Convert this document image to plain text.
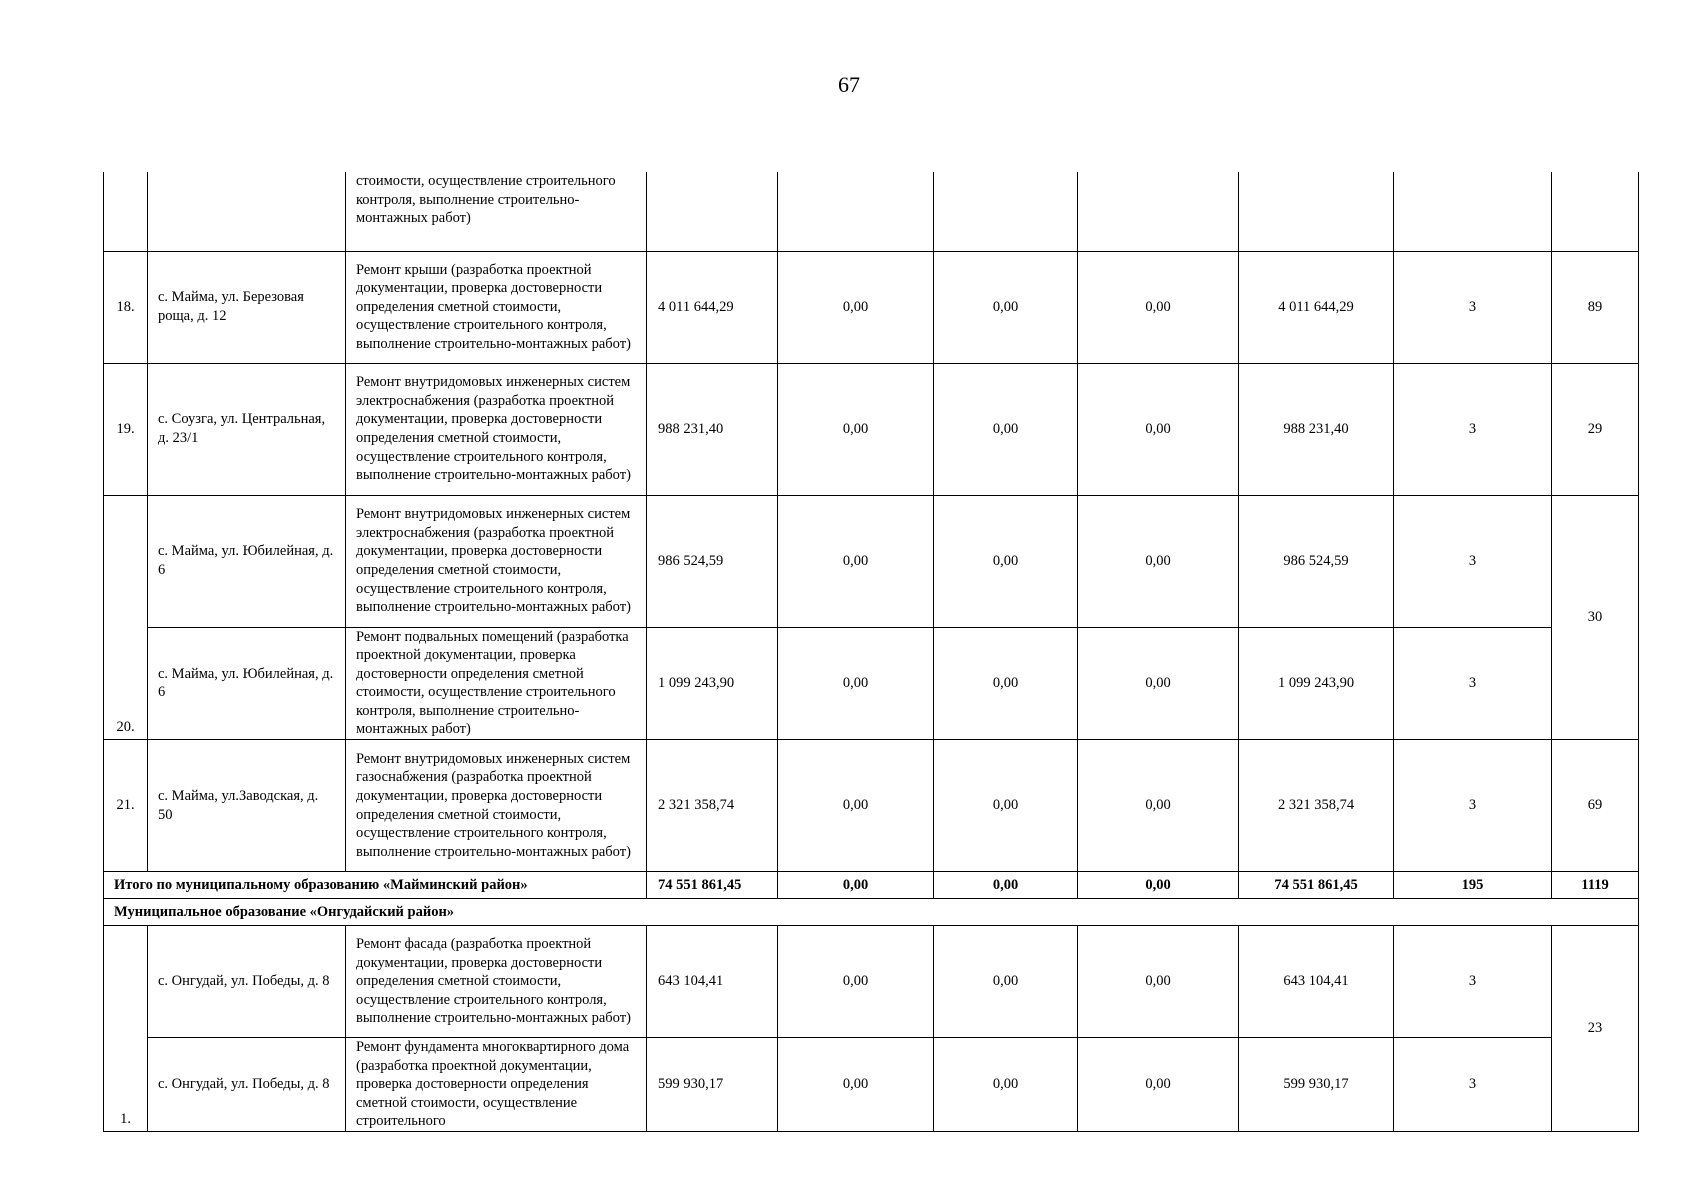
67
		стоимости, осуществление строительного контроля, выполнение строительно-монтажных работ)							
18.	с. Майма, ул. Березовая роща, д. 12	Ремонт крыши (разработка проектной документации, проверка достоверности определения сметной стоимости, осуществление строительного контроля, выполнение строительно-монтажных работ)	4 011 644,29	0,00	0,00	0,00	4 011 644,29	3	89
19.	с. Соузга, ул. Центральная, д. 23/1	Ремонт внутридомовых инженерных систем электроснабжения (разработка проектной документации, проверка достоверности определения сметной стоимости, осуществление строительного контроля, выполнение строительно-монтажных работ)	988 231,40	0,00	0,00	0,00	988 231,40	3	29
20.	с. Майма, ул. Юбилейная, д. 6	Ремонт внутридомовых инженерных систем электроснабжения (разработка проектной документации, проверка достоверности определения сметной стоимости, осуществление строительного контроля, выполнение строительно-монтажных работ)	986 524,59	0,00	0,00	0,00	986 524,59	3	30
	с. Майма, ул. Юбилейная, д. 6	Ремонт подвальных помещений (разработка проектной документации, проверка достоверности определения сметной стоимости, осуществление строительного контроля, выполнение строительно-монтажных работ)	1 099 243,90	0,00	0,00	0,00	1 099 243,90	3	
21.	с. Майма, ул.Заводская, д. 50	Ремонт внутридомовых инженерных систем газоснабжения (разработка проектной документации, проверка достоверности определения сметной стоимости, осуществление строительного контроля, выполнение строительно-монтажных работ)	2 321 358,74	0,00	0,00	0,00	2 321 358,74	3	69
Итого по муниципальному образованию «Майминский район»			74 551 861,45	0,00	0,00	0,00	74 551 861,45	195	1119
Муниципальное образование «Онгудайский район»									
1.	с. Онгудай, ул. Победы, д. 8	Ремонт фасада (разработка проектной документации, проверка достоверности определения сметной стоимости, осуществление строительного контроля, выполнение строительно-монтажных работ)	643 104,41	0,00	0,00	0,00	643 104,41	3	23
	с. Онгудай, ул. Победы, д. 8	Ремонт фундамента многоквартирного дома (разработка проектной документации, проверка достоверности определения сметной стоимости, осуществление строительного	599 930,17	0,00	0,00	0,00	599 930,17	3	
